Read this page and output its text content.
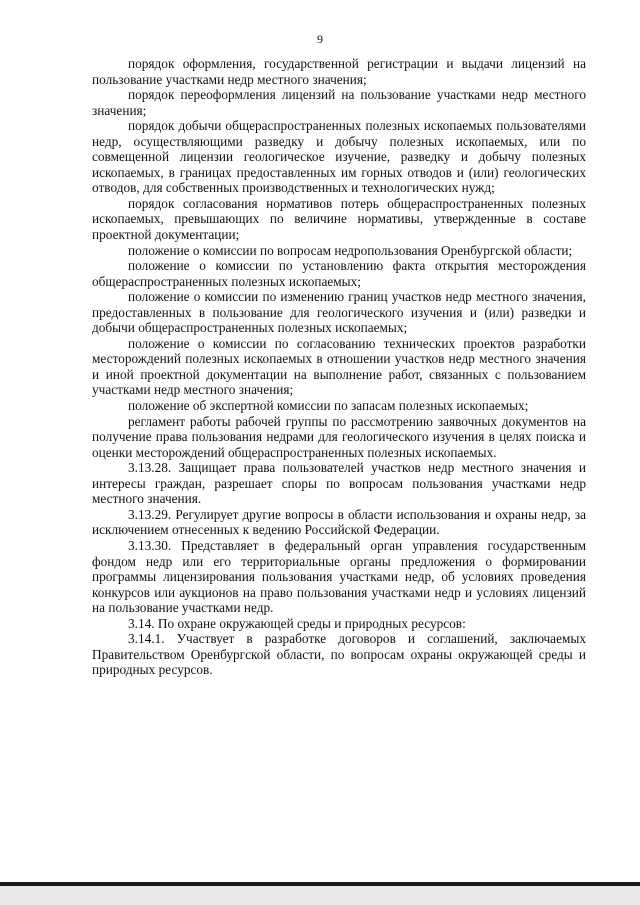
9

порядок оформления, государственной регистрации и выдачи лицензий на пользование участками недр местного значения;

порядок переоформления лицензий на пользование участками недр местного значения;

порядок добычи общераспространенных полезных ископаемых пользователями недр, осуществляющими разведку и добычу полезных ископаемых, или по совмещенной лицензии геологическое изучение, разведку и добычу полезных ископаемых, в границах предоставленных им горных отводов и (или) геологических отводов, для собственных производственных и технологических нужд;

порядок согласования нормативов потерь общераспространенных полезных ископаемых, превышающих по величине нормативы, утвержденные в составе проектной документации;

положение о комиссии по вопросам недропользования Оренбургской области;

положение о комиссии по установлению факта открытия месторождения общераспространенных полезных ископаемых;

положение о комиссии по изменению границ участков недр местного значения, предоставленных в пользование для геологического изучения и (или) разведки и добычи общераспространенных полезных ископаемых;

положение о комиссии по согласованию технических проектов разработки месторождений полезных ископаемых в отношении участков недр местного значения и иной проектной документации на выполнение работ, связанных с пользованием участками недр местного значения;

положение об экспертной комиссии по запасам полезных ископаемых;

регламент работы рабочей группы по рассмотрению заявочных документов на получение права пользования недрами для геологического изучения в целях поиска и оценки месторождений общераспространенных полезных ископаемых.

3.13.28. Защищает права пользователей участков недр местного значения и интересы граждан, разрешает споры по вопросам пользования участками недр местного значения.

3.13.29. Регулирует другие вопросы в области использования и охраны недр, за исключением отнесенных к ведению Российской Федерации.

3.13.30. Представляет в федеральный орган управления государственным фондом недр или его территориальные органы предложения о формировании программы лицензирования пользования участками недр, об условиях проведения конкурсов или аукционов на право пользования участками недр и условиях лицензий на пользование участками недр.

3.14. По охране окружающей среды и природных ресурсов:

3.14.1. Участвует в разработке договоров и соглашений, заключаемых Правительством Оренбургской области, по вопросам охраны окружающей среды и природных ресурсов.
